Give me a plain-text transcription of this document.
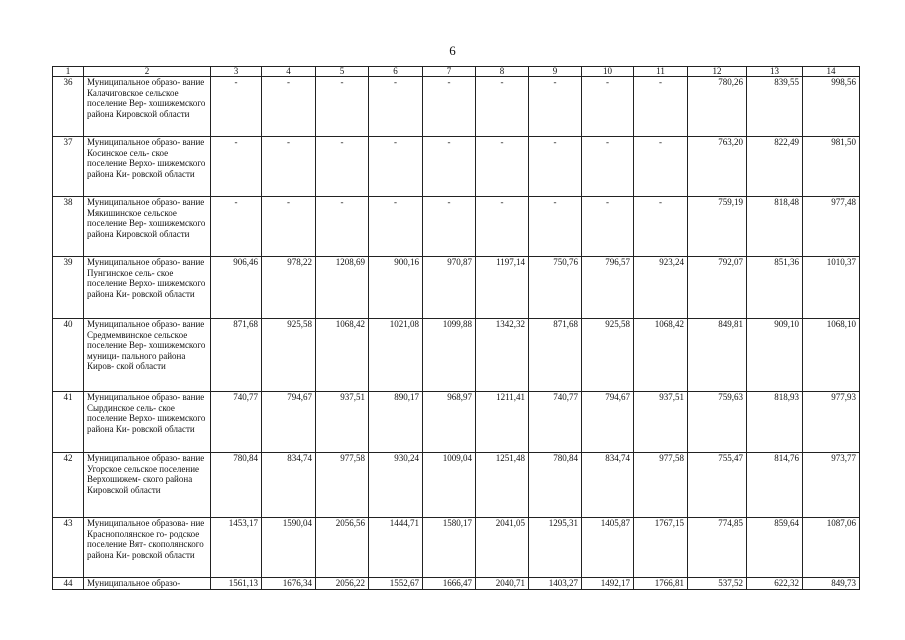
6
1	2	3	4	5	6	7	8	9	10	11	12	13	14
36	Муниципальное образо- вание Калачиговское сельское поселение Вер- хошижемского района Кировской области	-	-	-	-	-	-	-	-	-	780,26	839,55	998,56
37	Муниципальное образо- вание Косинское сель- ское поселение Верхо- шижемского района Ки- ровской области	-	-	-	-	-	-	-	-	-	763,20	822,49	981,50
38	Муниципальное образо- вание Мякишинское сельское поселение Вер- хошижемского района Кировской области	-	-	-	-	-	-	-	-	-	759,19	818,48	977,48
39	Муниципальное образо- вание Пунгинское сель- ское поселение Верхо- шижемского района Ки- ровской области	906,46	978,22	1208,69	900,16	970,87	1197,14	750,76	796,57	923,24	792,07	851,36	1010,37
40	Муниципальное образо- вание Средмемвинское сельское поселение Вер- хошижемского муници- пального района Киров- ской области	871,68	925,58	1068,42	1021,08	1099,88	1342,32	871,68	925,58	1068,42	849,81	909,10	1068,10
41	Муниципальное образо- вание Сырдинское сель- ское поселение Верхо- шижемского района Ки- ровской области	740,77	794,67	937,51	890,17	968,97	1211,41	740,77	794,67	937,51	759,63	818,93	977,93
42	Муниципальное образо- вание Угорское сельское поселение Верхошижем- ского района Кировской области	780,84	834,74	977,58	930,24	1009,04	1251,48	780,84	834,74	977,58	755,47	814,76	973,77
43	Муниципальное образова- ние Краснополянское го- родское поселение Вят- скополянского района Ки- ровской области	1453,17	1590,04	2056,56	1444,71	1580,17	2041,05	1295,31	1405,87	1767,15	774,85	859,64	1087,06
44	Муниципальное образо-	1561,13	1676,34	2056,22	1552,67	1666,47	2040,71	1403,27	1492,17	1766,81	537,52	622,32	849,73
